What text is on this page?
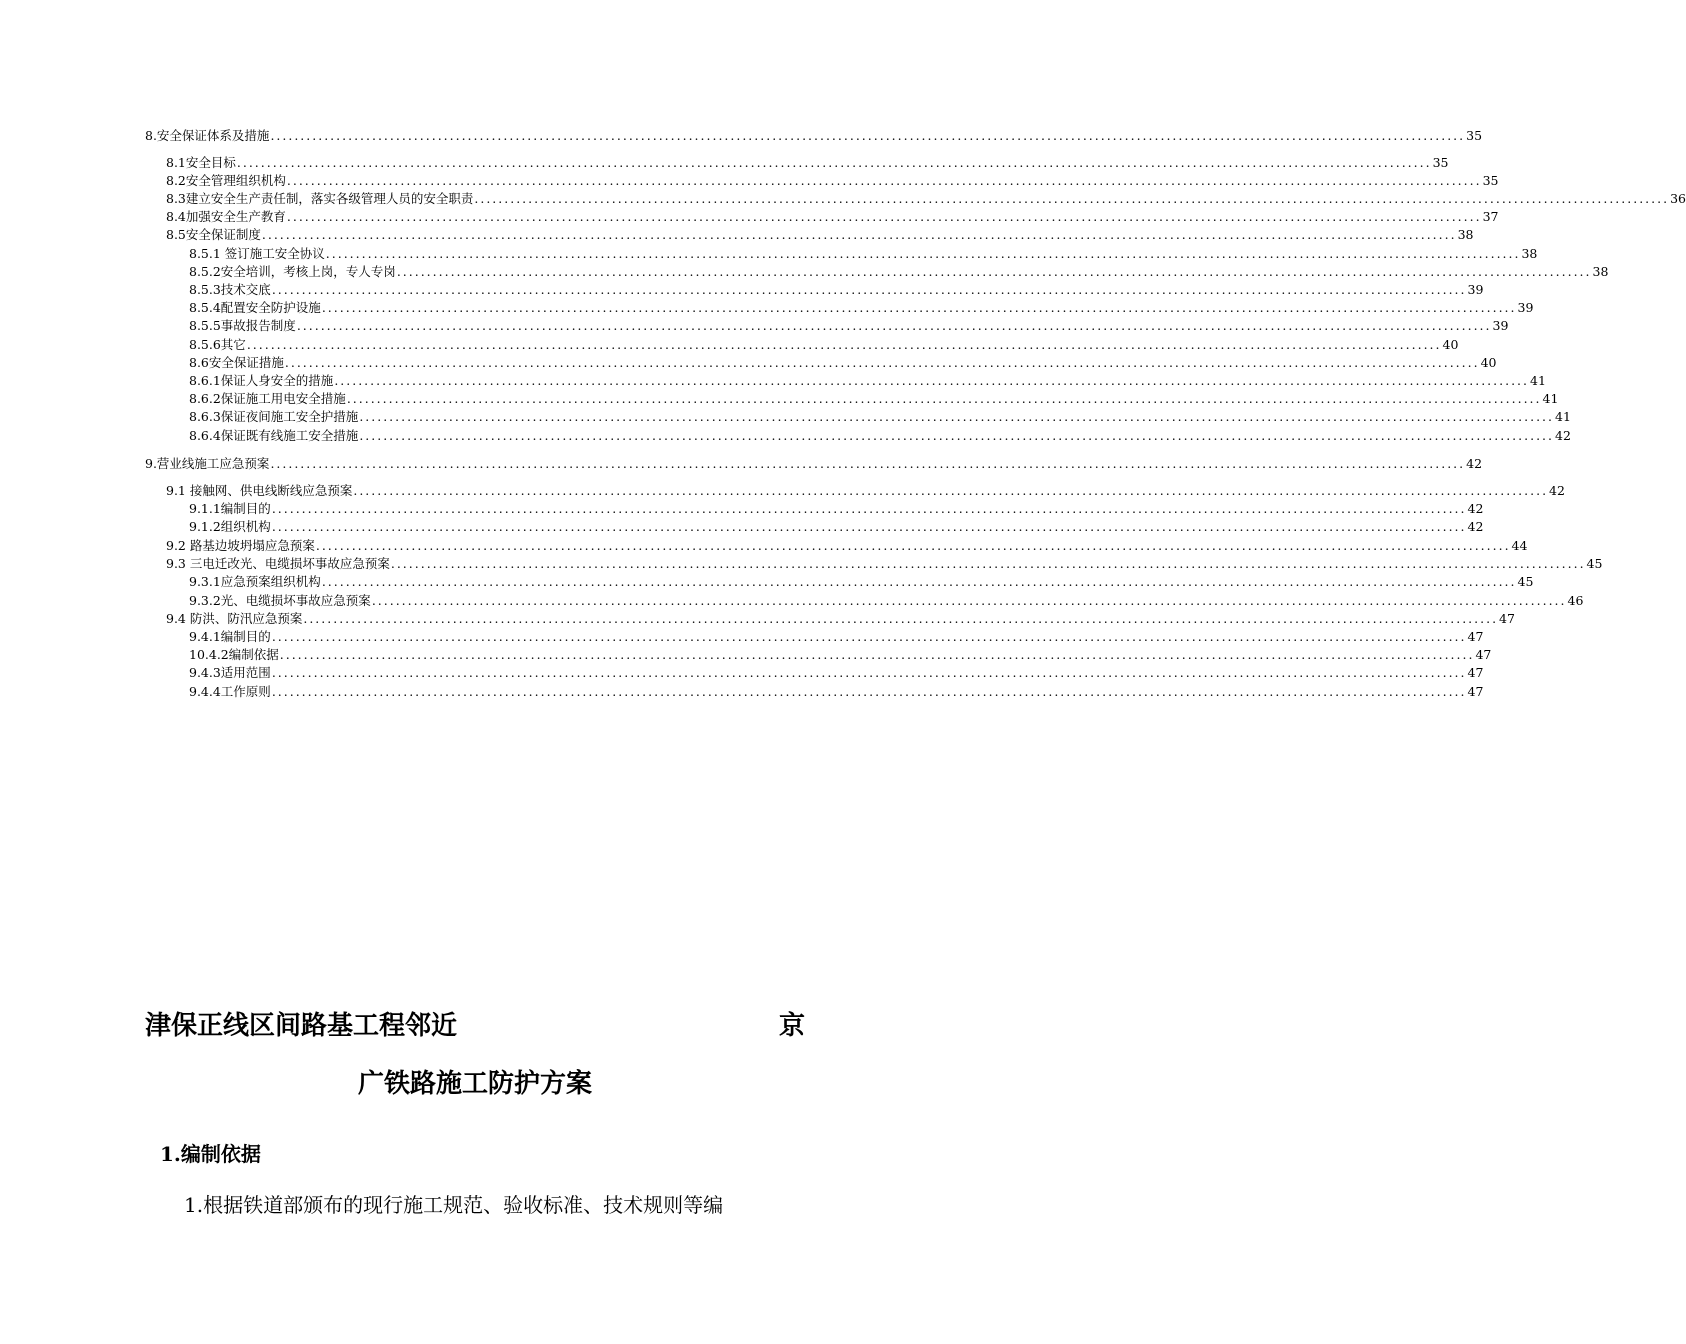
8.安全保证体系及措施 ........................................................................................................................................................................................................ 35
8.1安全目标 ........................................................................................................................................................................................................ 35
8.2安全管理组织机构 ........................................................................................................................................................................................................ 35
8.3建立安全生产责任制，落实各级管理人员的安全职责 ........................................................................................................................................................................................................ 36
8.4加强安全生产教育 ........................................................................................................................................................................................................ 37
8.5安全保证制度 ........................................................................................................................................................................................................ 38
8.5.1 签订施工安全协议 ........................................................................................................................................................................................................ 38
8.5.2安全培训，考核上岗，专人专岗 ........................................................................................................................................................................................................ 38
8.5.3技术交底 ........................................................................................................................................................................................................ 39
8.5.4配置安全防护设施 ........................................................................................................................................................................................................ 39
8.5.5事故报告制度 ........................................................................................................................................................................................................ 39
8.5.6其它 ........................................................................................................................................................................................................ 40
8.6安全保证措施 ........................................................................................................................................................................................................ 40
8.6.1保证人身安全的措施 ........................................................................................................................................................................................................ 41
8.6.2保证施工用电安全措施 ........................................................................................................................................................................................................ 41
8.6.3保证夜间施工安全护措施 ........................................................................................................................................................................................................ 41
8.6.4保证既有线施工安全措施 ........................................................................................................................................................................................................ 42
9.营业线施工应急预案 ........................................................................................................................................................................................................ 42
9.1 接触网、供电线断线应急预案 ........................................................................................................................................................................................................ 42
9.1.1编制目的 ........................................................................................................................................................................................................ 42
9.1.2组织机构 ........................................................................................................................................................................................................ 42
9.2 路基边坡坍塌应急预案 ........................................................................................................................................................................................................ 44
9.3 三电迁改光、电缆损坏事故应急预案 ........................................................................................................................................................................................................ 45
9.3.1应急预案组织机构 ........................................................................................................................................................................................................ 45
9.3.2光、电缆损坏事故应急预案 ........................................................................................................................................................................................................ 46
9.4 防洪、防汛应急预案 ........................................................................................................................................................................................................ 47
9.4.1编制目的 ........................................................................................................................................................................................................ 47
10.4.2编制依据 ........................................................................................................................................................................................................ 47
9.4.3适用范围 ........................................................................................................................................................................................................ 47
9.4.4工作原则 ........................................................................................................................................................................................................ 47
津保正线区间路基工程邻近	京
广铁路施工防护方案
1.编制依据
1.根据铁道部颁布的现行施工规范、验收标准、技术规则等编
